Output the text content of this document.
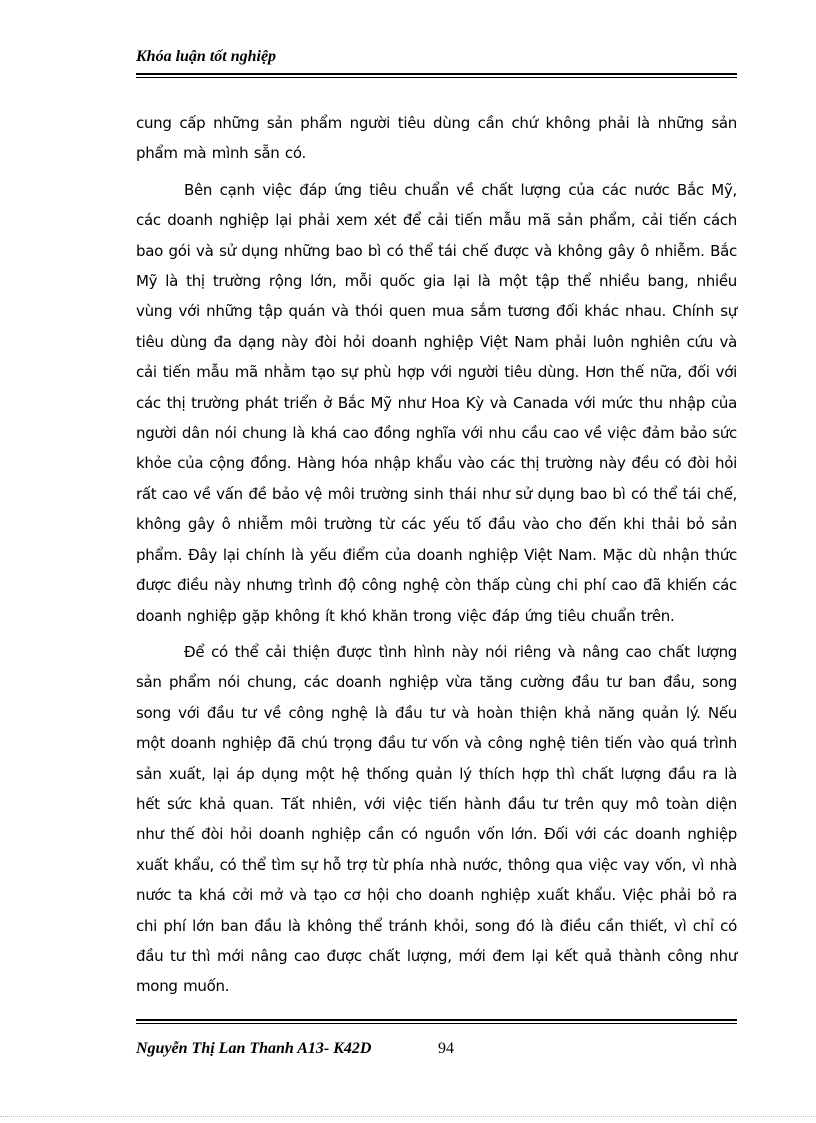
Khóa luận tốt nghiệp

cung cấp những sản phẩm người tiêu dùng cần chứ không phải là những sản phẩm mà mình sẵn có.

Bên cạnh việc đáp ứng tiêu chuẩn về chất lượng của các nước Bắc Mỹ, các doanh nghiệp lại phải xem xét để cải tiến mẫu mã sản phẩm, cải tiến cách bao gói và sử dụng những bao bì có thể tái chế được và không gây ô nhiễm. Bắc Mỹ là thị trường rộng lớn, mỗi quốc gia lại là một tập thể nhiều bang, nhiều vùng với những tập quán và thói quen mua sắm tương đối khác nhau. Chính sự tiêu dùng đa dạng này đòi hỏi doanh nghiệp Việt Nam phải luôn nghiên cứu và cải tiến mẫu mã nhằm tạo sự phù hợp với người tiêu dùng. Hơn thế nữa, đối với các thị trường phát triển ở Bắc Mỹ như Hoa Kỳ và Canada với mức thu nhập của người dân nói chung là khá cao đồng nghĩa với nhu cầu cao về việc đảm bảo sức khỏe của cộng đồng. Hàng hóa nhập khẩu vào các thị trường này đều có đòi hỏi rất cao về vấn đề bảo vệ môi trường sinh thái như sử dụng bao bì có thể tái chế, không gây ô nhiễm môi trường từ các yếu tố đầu vào cho đến khi thải bỏ sản phẩm. Đây lại chính là yếu điểm của doanh nghiệp Việt Nam. Mặc dù nhận thức được điều này nhưng trình độ công nghệ còn thấp cùng chi phí cao đã khiến các doanh nghiệp gặp không ít khó khăn trong việc đáp ứng tiêu chuẩn trên.

Để có thể cải thiện được tình hình này nói riêng và nâng cao chất lượng sản phẩm nói chung, các doanh nghiệp vừa tăng cường đầu tư ban đầu, song song với đầu tư về công nghệ là đầu tư và hoàn thiện khả năng quản lý. Nếu một doanh nghiệp đã chú trọng đầu tư vốn và công nghệ tiên tiến vào quá trình sản xuất, lại áp dụng một hệ thống quản lý thích hợp thì chất lượng đầu ra là hết sức khả quan. Tất nhiên, với việc tiến hành đầu tư trên quy mô toàn diện như thế đòi hỏi doanh nghiệp cần có nguồn vốn lớn. Đối với các doanh nghiệp xuất khẩu, có thể tìm sự hỗ trợ từ phía nhà nước, thông qua việc vay vốn, vì nhà nước ta khá cởi mở và tạo cơ hội cho doanh nghiệp xuất khẩu. Việc phải bỏ ra chi phí lớn ban đầu là không thể tránh khỏi, song đó là điều cần thiết, vì chỉ có đầu tư thì mới nâng cao được chất lượng, mới đem lại kết quả thành công như mong muốn.

Nguyễn Thị Lan Thanh A13- K42D	94
